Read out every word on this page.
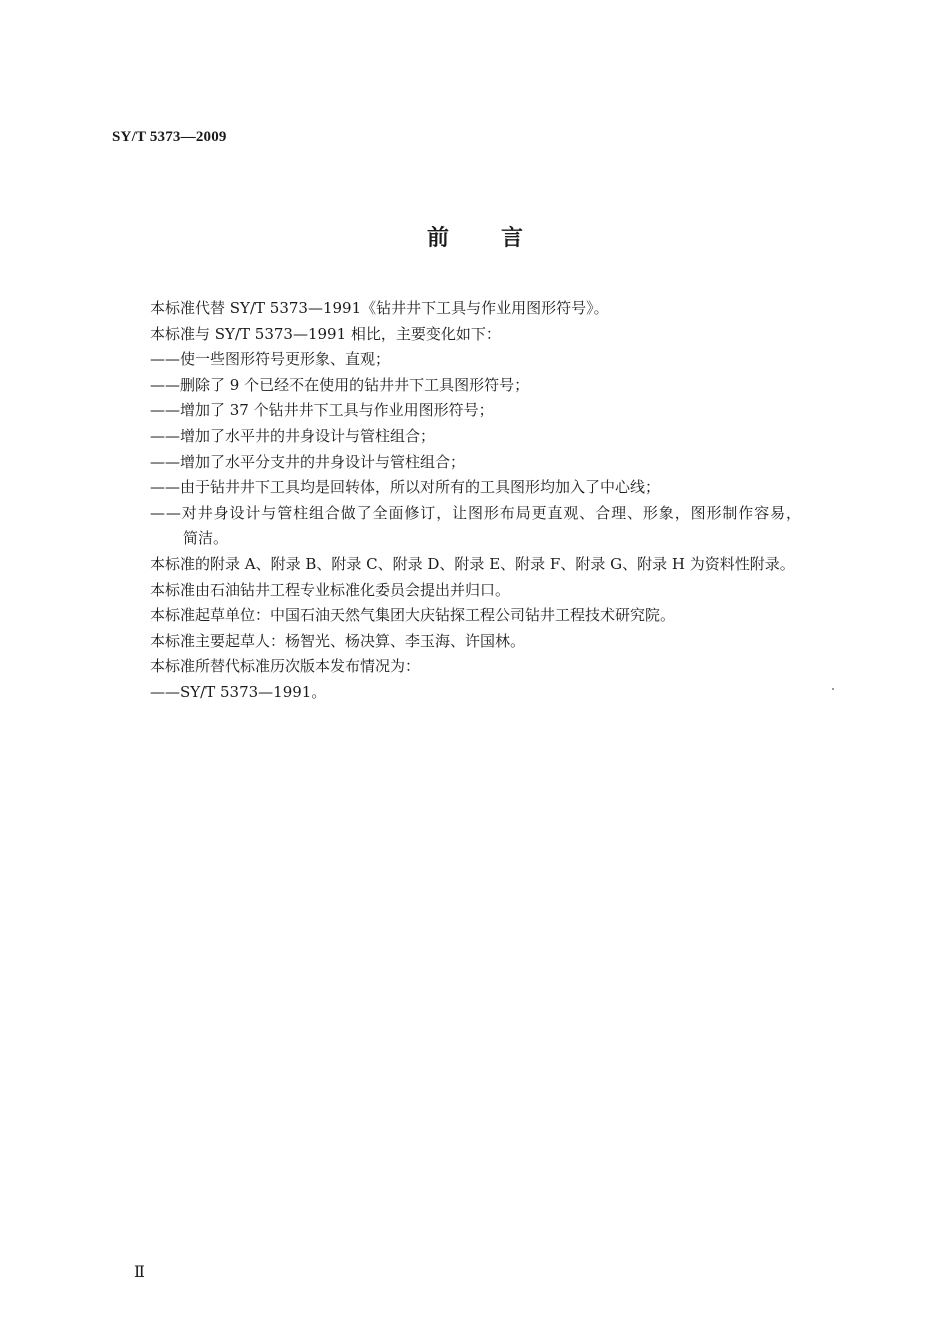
SY/T 5373—2009
前言
本标准代替 SY/T 5373—1991《钻井井下工具与作业用图形符号》。
本标准与 SY/T 5373—1991 相比，主要变化如下：
——使一些图形符号更形象、直观；
——删除了 9 个已经不在使用的钻井井下工具图形符号；
——增加了 37 个钻井井下工具与作业用图形符号；
——增加了水平井的井身设计与管柱组合；
——增加了水平分支井的井身设计与管柱组合；
——由于钻井井下工具均是回转体，所以对所有的工具图形均加入了中心线；
——对井身设计与管柱组合做了全面修订，让图形布局更直观、合理、形象，图形制作容易，
简洁。
本标准的附录 A、附录 B、附录 C、附录 D、附录 E、附录 F、附录 G、附录 H 为资料性附录。
本标准由石油钻井工程专业标准化委员会提出并归口。
本标准起草单位：中国石油天然气集团大庆钻探工程公司钻井工程技术研究院。
本标准主要起草人：杨智光、杨决算、李玉海、许国林。
本标准所替代标准历次版本发布情况为：
——SY/T 5373—1991。
Ⅱ
